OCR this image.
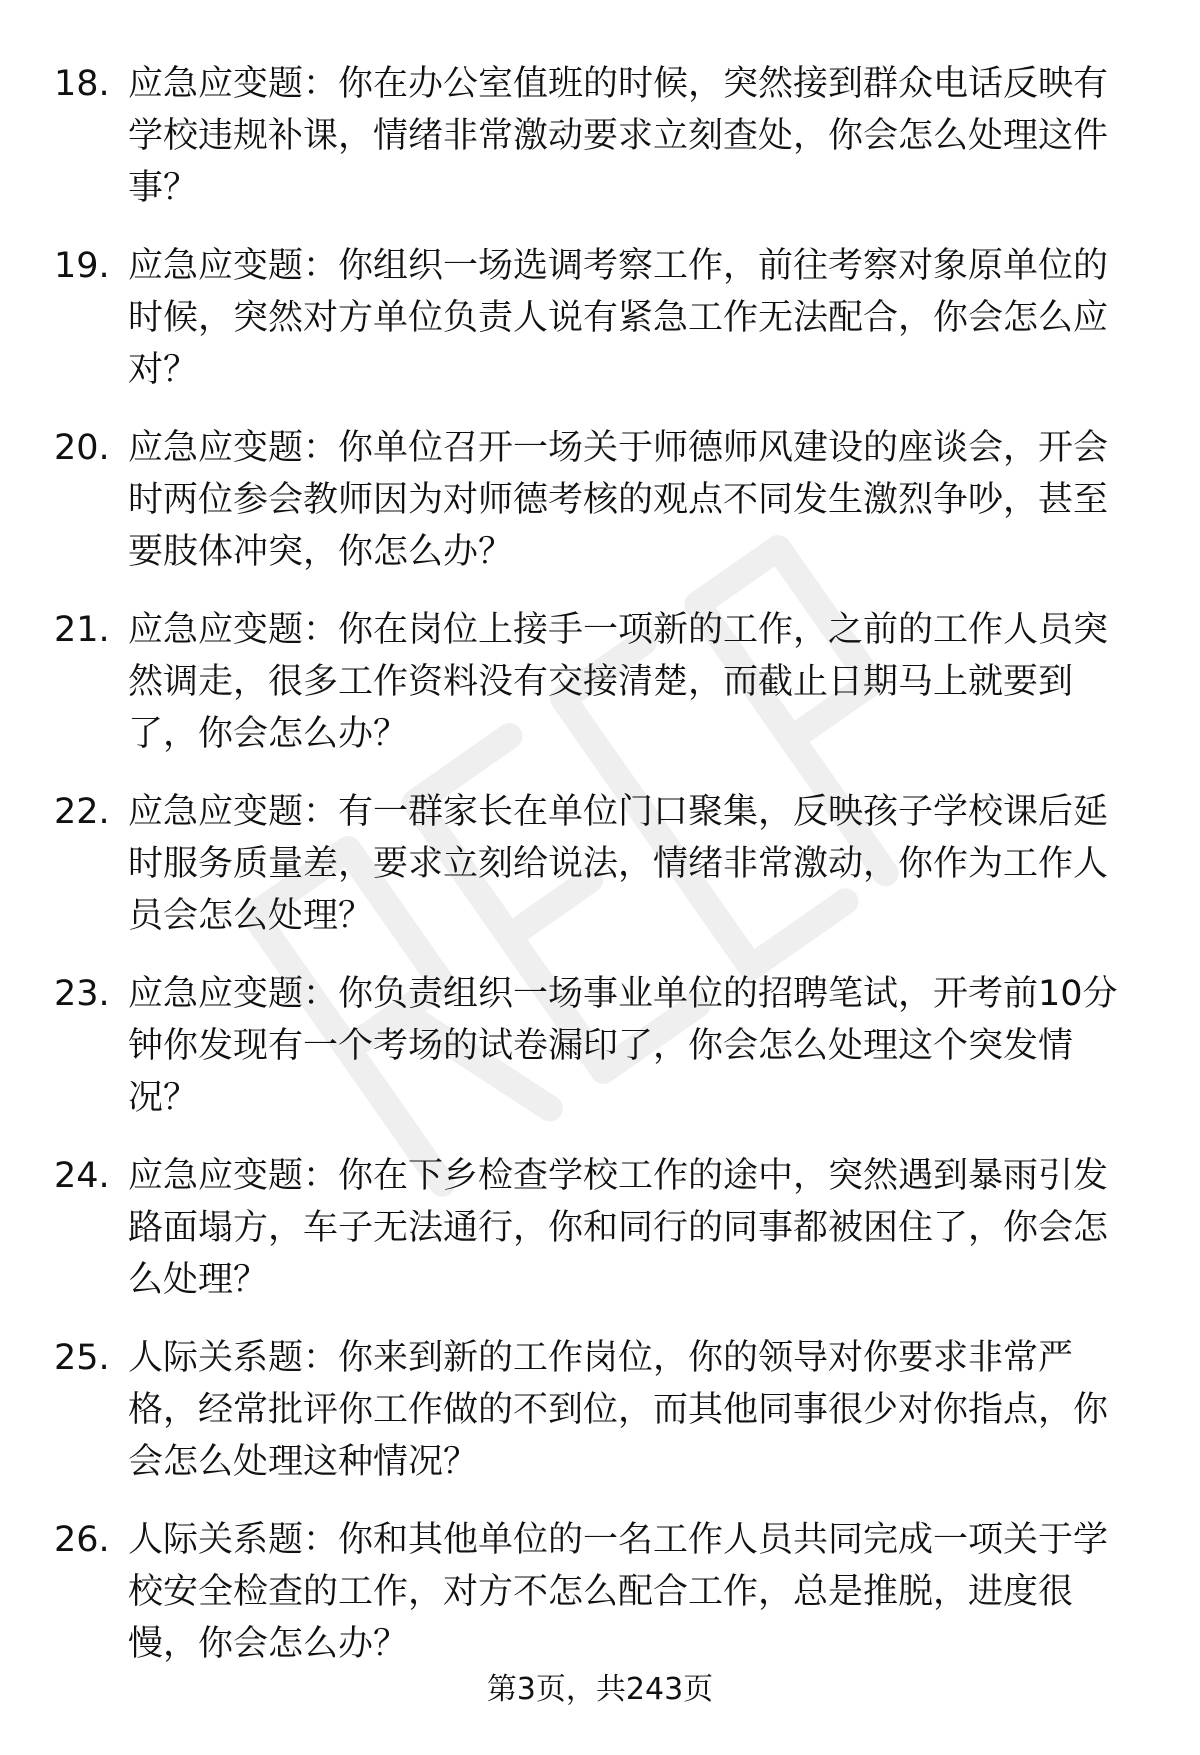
18. 应急应变题：你在办公室值班的时候，突然接到群众电话反映有
学校违规补课，情绪非常激动要求立刻查处，你会怎么处理这件
事？
19. 应急应变题：你组织一场选调考察工作，前往考察对象原单位的
时候，突然对方单位负责人说有紧急工作无法配合，你会怎么应
对？
20. 应急应变题：你单位召开一场关于师德师风建设的座谈会，开会
时两位参会教师因为对师德考核的观点不同发生激烈争吵，甚至
要肢体冲突，你怎么办？
21. 应急应变题：你在岗位上接手一项新的工作，之前的工作人员突
然调走，很多工作资料没有交接清楚，而截止日期马上就要到
了，你会怎么办？
22. 应急应变题：有一群家长在单位门口聚集，反映孩子学校课后延
时服务质量差，要求立刻给说法，情绪非常激动，你作为工作人
员会怎么处理？
23. 应急应变题：你负责组织一场事业单位的招聘笔试，开考前10分
钟你发现有一个考场的试卷漏印了，你会怎么处理这个突发情
况？
24. 应急应变题：你在下乡检查学校工作的途中，突然遇到暴雨引发
路面塌方，车子无法通行，你和同行的同事都被困住了，你会怎
么处理？
25. 人际关系题：你来到新的工作岗位，你的领导对你要求非常严
格，经常批评你工作做的不到位，而其他同事很少对你指点，你
会怎么处理这种情况？
26. 人际关系题：你和其他单位的一名工作人员共同完成一项关于学
校安全检查的工作，对方不怎么配合工作，总是推脱，进度很
慢，你会怎么办？
第3页，共243页
